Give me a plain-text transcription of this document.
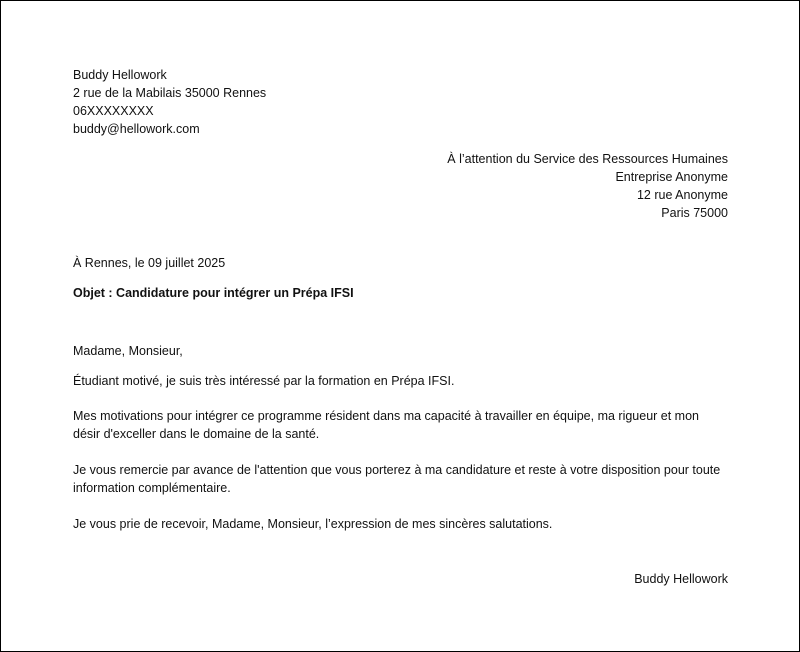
Buddy Hellowork
2 rue de la Mabilais 35000 Rennes
06XXXXXXXX
buddy@hellowork.com
À l’attention du Service des Ressources Humaines
Entreprise Anonyme
12 rue Anonyme
Paris 75000
À Rennes, le 09 juillet 2025
Objet : Candidature pour intégrer un Prépa IFSI
Madame, Monsieur,
Étudiant motivé, je suis très intéressé par la formation en Prépa IFSI.
Mes motivations pour intégrer ce programme résident dans ma capacité à travailler en équipe, ma rigueur et mon désir d'exceller dans le domaine de la santé.
Je vous remercie par avance de l'attention que vous porterez à ma candidature et reste à votre disposition pour toute information complémentaire.
Je vous prie de recevoir, Madame, Monsieur, l’expression de mes sincères salutations.
Buddy Hellowork
